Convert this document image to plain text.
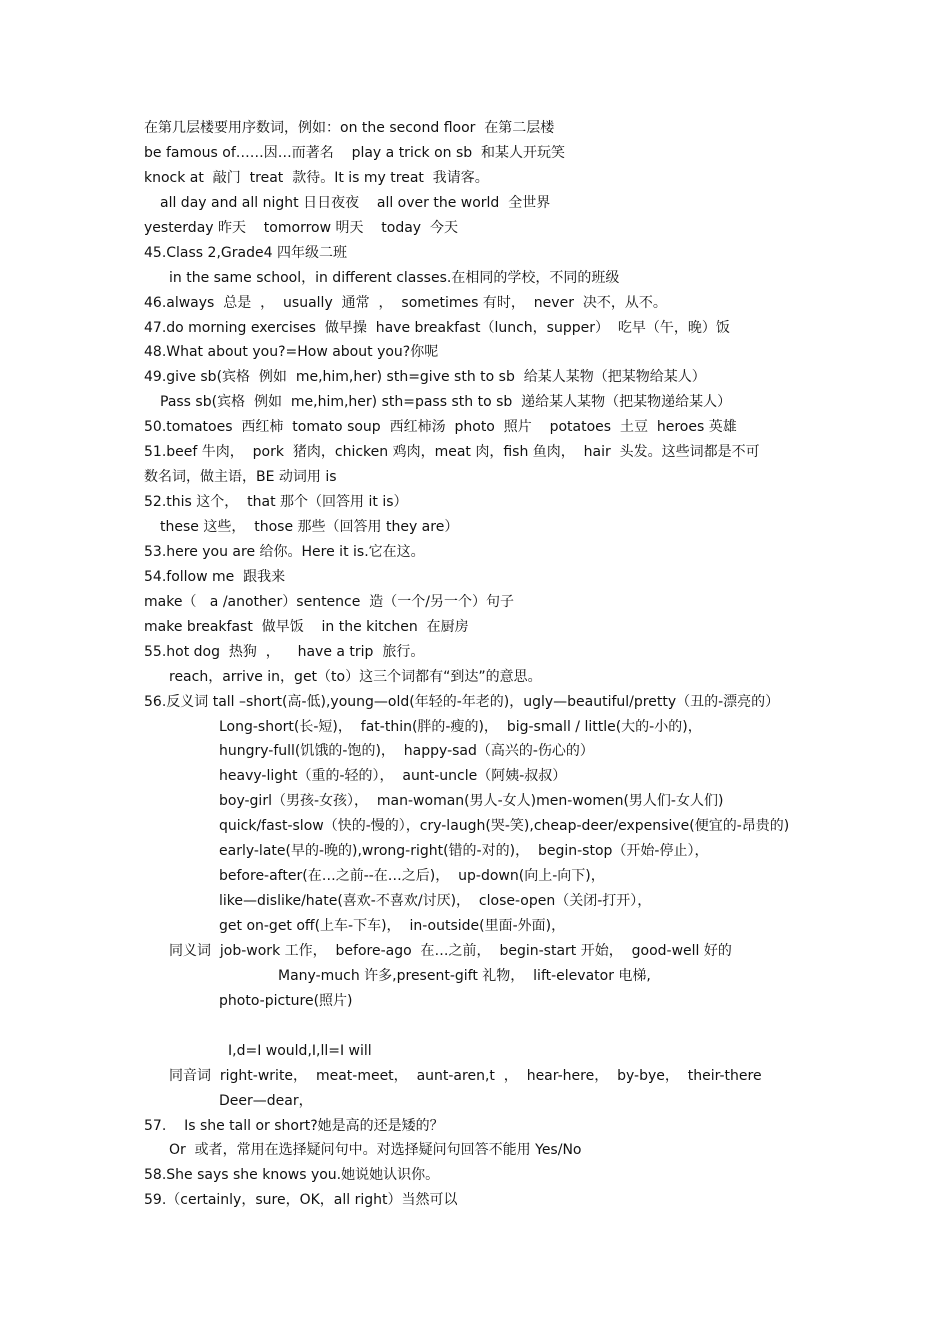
在第几层楼要用序数词，例如：on the second floor  在第二层楼
be famous of……因…而著名    play a trick on sb  和某人开玩笑
knock at  敲门  treat  款待。It is my treat  我请客。
all day and all night 日日夜夜    all over the world  全世界
yesterday 昨天    tomorrow 明天    today  今天
45.Class 2,Grade4 四年级二班
in the same school，in different classes.在相同的学校，不同的班级
46.always  总是  ，  usually  通常  ，  sometimes 有时，  never  决不，从不。
47.do morning exercises  做早操  have breakfast（lunch，supper）  吃早（午，晚）饭
48.What about you?=How about you?你呢
49.give sb(宾格  例如  me,him,her) sth=give sth to sb  给某人某物（把某物给某人）
Pass sb(宾格  例如  me,him,her) sth=pass sth to sb  递给某人某物（把某物递给某人）
50.tomatoes  西红柿  tomato soup  西红柿汤  photo  照片    potatoes  土豆  heroes 英雄
51.beef 牛肉，  pork  猪肉，chicken 鸡肉，meat 肉，fish 鱼肉，  hair  头发。这些词都是不可
数名词，做主语，BE 动词用 is
52.this 这个，  that 那个（回答用 it is）
these 这些，  those 那些（回答用 they are）
53.here you are 给你。Here it is.它在这。
54.follow me  跟我来
make（   a /another）sentence  造（一个/另一个）句子
make breakfast  做早饭    in the kitchen  在厨房
55.hot dog  热狗  ，    have a trip  旅行。
reach，arrive in，get（to）这三个词都有“到达”的意思。
56.反义词 tall –short(高-低),young—old(年轻的-年老的)，ugly—beautiful/pretty（丑的-漂亮的）
Long-short(长-短)，  fat-thin(胖的-瘦的)，  big-small / little(大的-小的)，
hungry-full(饥饿的-饱的)，  happy-sad（高兴的-伤心的）
heavy-light（重的-轻的），  aunt-uncle（阿姨-叔叔）
boy-girl（男孩-女孩），  man-woman(男人-女人)men-women(男人们-女人们)
quick/fast-slow（快的-慢的），cry-laugh(哭-笑),cheap-deer/expensive(便宜的-昂贵的)
early-late(早的-晚的),wrong-right(错的-对的)，  begin-stop（开始-停止），
before-after(在…之前--在…之后)，  up-down(向上-向下)，
like—dislike/hate(喜欢-不喜欢/讨厌)，  close-open（关闭-打开），
get on-get off(上车-下车)，  in-outside(里面-外面)，
同义词  job-work 工作，  before-ago  在…之前，  begin-start 开始，  good-well 好的
Many-much 许多,present-gift 礼物，  lift-elevator 电梯,
photo-picture(照片)
I,d=I would,I,ll=I will
同音词  right-write，  meat-meet，  aunt-aren,t  ，  hear-here，  by-bye，  their-there
Deer—dear，
57.    Is she tall or short?她是高的还是矮的？
Or  或者，常用在选择疑问句中。对选择疑问句回答不能用 Yes/No
58.She says she knows you.她说她认识你。
59.（certainly，sure，OK，all right）当然可以
